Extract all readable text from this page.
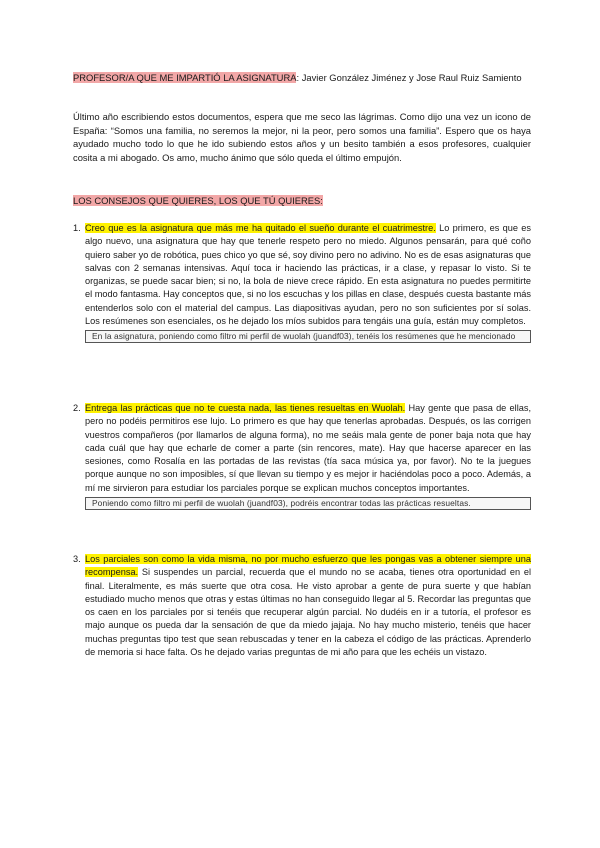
PROFESOR/A QUE ME IMPARTIÓ LA ASIGNATURA: Javier González Jiménez y Jose Raul Ruiz Samiento
Último año escribiendo estos documentos, espera que me seco las lágrimas. Como dijo una vez un icono de España: “Somos una familia, no seremos la mejor, ni la peor, pero somos una familia”. Espero que os haya ayudado mucho todo lo que he ido subiendo estos años y un besito también a esos profesores, cualquier cosita a mi abogado. Os amo, mucho ánimo que sólo queda el último empujón.
LOS CONSEJOS QUE QUIERES, LOS QUE TÚ QUIERES:
1. Creo que es la asignatura que más me ha quitado el sueño durante el cuatrimestre. Lo primero, es que es algo nuevo, una asignatura que hay que tenerle respeto pero no miedo. Algunos pensarán, para qué coño quiero saber yo de robótica, pues chico yo que sé, soy divino pero no adivino. No es de esas asignaturas que salvas con 2 semanas intensivas. Aquí toca ir haciendo las prácticas, ir a clase, y repasar lo visto. Si te organizas, se puede sacar bien; si no, la bola de nieve crece rápido. En esta asignatura no puedes permitirte el modo fantasma. Hay conceptos que, si no los escuchas y los pillas en clase, después cuesta bastante más entenderlos solo con el material del campus. Las diapositivas ayudan, pero no son suficientes por sí solas. Los resúmenes son esenciales, os he dejado los míos subidos para tengáis una guía, están muy completos.
En la asignatura, poniendo como filtro mi perfil de wuolah (juandf03), tenéis los resúmenes que he mencionado
2. Entrega las prácticas que no te cuesta nada, las tienes resueltas en Wuolah. Hay gente que pasa de ellas, pero no podéis permitiros ese lujo. Lo primero es que hay que tenerlas aprobadas. Después, os las corrigen vuestros compañeros (por llamarlos de alguna forma), no me seáis mala gente de poner baja nota que hay cada cuál que hay que echarle de comer a parte (sin rencores, mate). Hay que hacerse aparecer en las sesiones, como Rosalía en las portadas de las revistas (tía saca música ya, por favor). No te la juegues porque aunque no son imposibles, sí que llevan su tiempo y es mejor ir haciéndolas poco a poco. Además, a mí me sirvieron para estudiar los parciales porque se explican muchos conceptos importantes.
Poniendo como filtro mi perfil de wuolah (juandf03), podréis encontrar todas las prácticas resueltas.
3. Los parciales son como la vida misma, no por mucho esfuerzo que les pongas vas a obtener siempre una recompensa. Si suspendes un parcial, recuerda que el mundo no se acaba, tienes otra oportunidad en el final. Literalmente, es más suerte que otra cosa. He visto aprobar a gente de pura suerte y que habían estudiado mucho menos que otras y estas últimas no han conseguido llegar al 5. Recordar las preguntas que os caen en los parciales por si tenéis que recuperar algún parcial. No dudéis en ir a tutoría, el profesor es majo aunque os pueda dar la sensación de que da miedo jajaja. No hay mucho misterio, tenéis que hacer muchas preguntas tipo test que sean rebuscadas y tener en la cabeza el código de las prácticas. Aprenderlo de memoria si hace falta. Os he dejado varias preguntas de mi año para que les echéis un vistazo.
